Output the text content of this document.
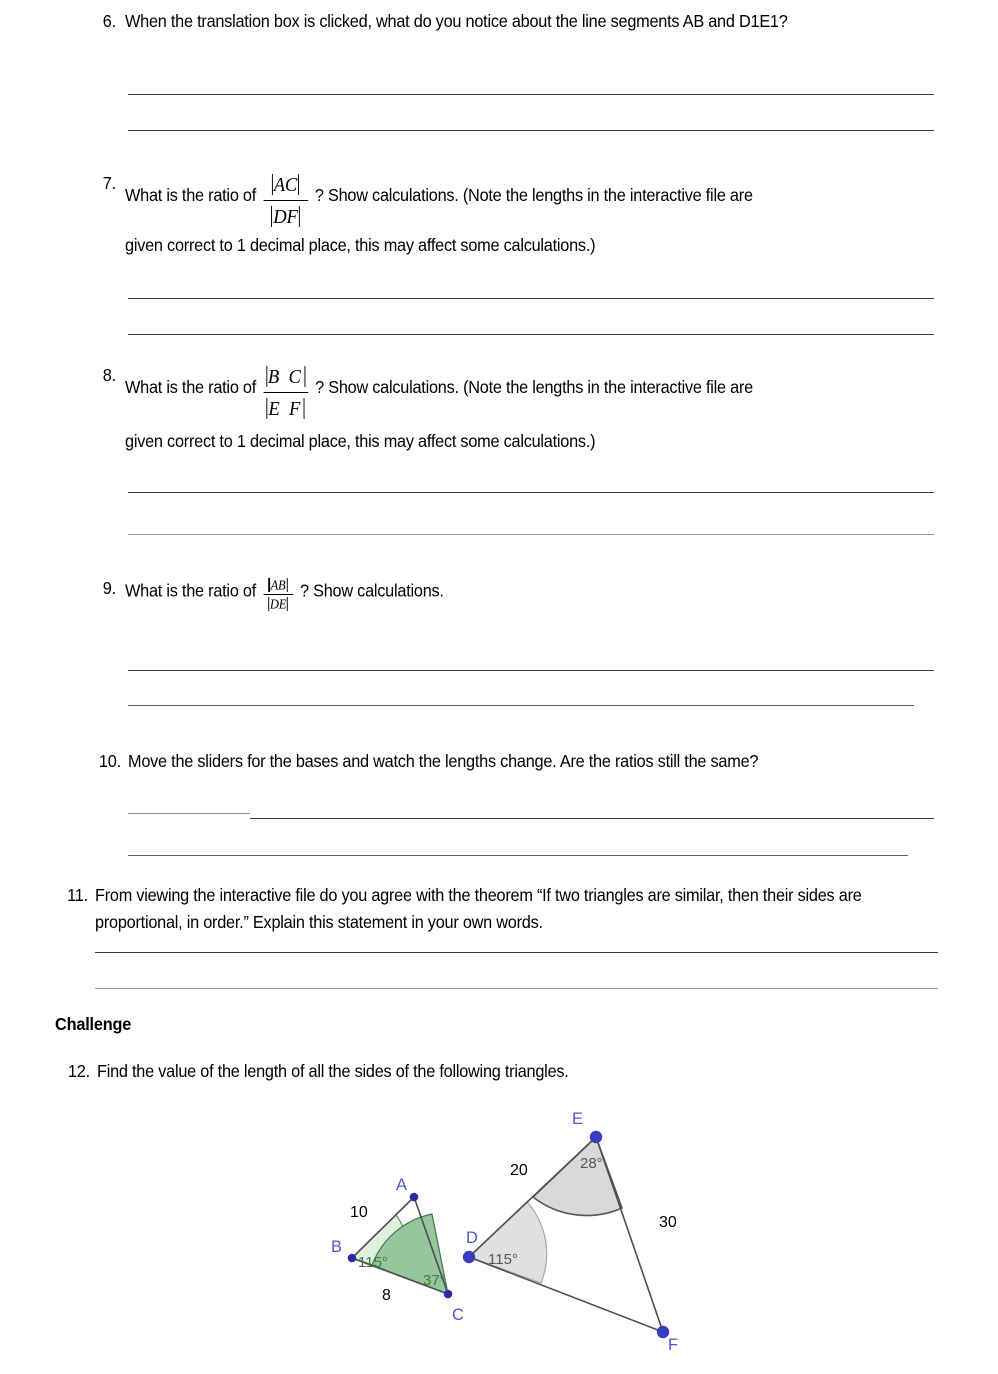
6. When the translation box is clicked, what do you notice about the line segments AB and D1E1?
7.
What is the ratio of $\frac{AC}{DF}$ ? Show calculations. (Note the lengths in the interactive file are
given correct to 1 decimal place, this may affect some calculations.)
8.
What is the ratio of $\frac{\text{B C}}{\text{E F}}$ ? Show calculations. (Note the lengths in the interactive file are
given correct to 1 decimal place, this may affect some calculations.)
9. What is the ratio of $\frac{AB}{DE}$ ? Show calculations.
10. Move the sliders for the bases and watch the lengths change. Are the ratios still the same?
11. From viewing the interactive file do you agree with the theorem “If two triangles are similar, then their sides are proportional, in order.” Explain this statement in your own words.
Challenge
12. Find the value of the length of all the sides of the following triangles.
A
B
C
115°
37°
10
8
D
E
F
115°
28°
20
30
